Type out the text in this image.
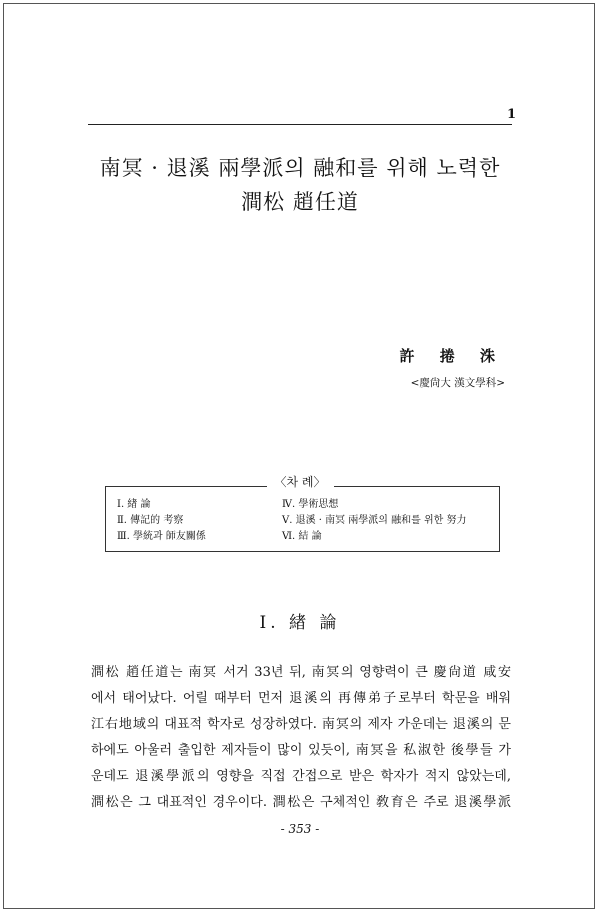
1
南冥 · 退溪 兩學派의 融和를 위해 노력한
澗松 趙任道
許 捲 洙
<慶尙大 漢文學科>
〈차 례〉
Ⅰ. 緖 論
Ⅱ. 傳記的 考察
Ⅲ. 學統과 師友關係
Ⅳ. 學術思想
Ⅴ. 退溪 · 南冥 兩學派의 融和를 위한 努力
Ⅵ. 結 論
Ⅰ. 緖 論
澗松 趙任道는 南冥 서거 33년 뒤, 南冥의 영향력이 큰 慶尙道 咸安
에서 태어났다. 어릴 때부터 먼저 退溪의 再傳弟子로부터 학문을 배워
江右地域의 대표적 학자로 성장하였다. 南冥의 제자 가운데는 退溪의 문
하에도 아울러 출입한 제자들이 많이 있듯이, 南冥을 私淑한 後學들 가
운데도 退溪學派의 영향을 직접 간접으로 받은 학자가 적지 않았는데,
澗松은 그 대표적인 경우이다. 澗松은 구체적인 敎育은 주로 退溪學派
- 353 -
